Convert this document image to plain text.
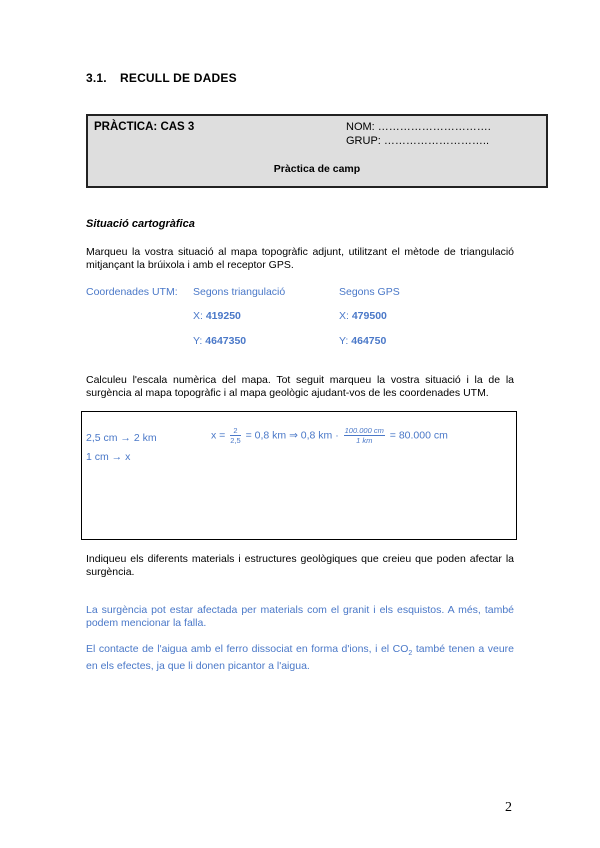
3.1. RECULL DE DADES
PRÀCTICA: CAS 3	NOM: ………………………….
GRUP: ………………………..
Pràctica de camp
Situació cartogràfica
Marqueu la vostra situació al mapa topogràfic adjunt, utilitzant el mètode de triangulació mitjançant la brúixola i amb el receptor GPS.
Coordenades UTM: Segons triangulació	Segons GPS
X: 419250	X: 479500
Y: 4647350	Y: 464750
Calculeu l'escala numèrica del mapa. Tot seguit marqueu la vostra situació i la de la surgència al mapa topogràfic i al mapa geològic ajudant-vos de les coordenades UTM.
2,5 cm → 2 km
1 cm → x
$x = \frac{2}{2,5} = 0,8$ km ⇒ 0,8 km · $\frac{100.000 cm}{1 km} = 80.000$ cm
Indiqueu els diferents materials i estructures geològiques que creieu que poden afectar la surgència.
La surgència pot estar afectada per materials com el granit i els esquistos. A més, també podem mencionar la falla.
El contacte de l'aigua amb el ferro dissociat en forma d'ions, i el $CO_2$ també tenen a veure en els efectes, ja que li donen picantor a l'aigua.
2
